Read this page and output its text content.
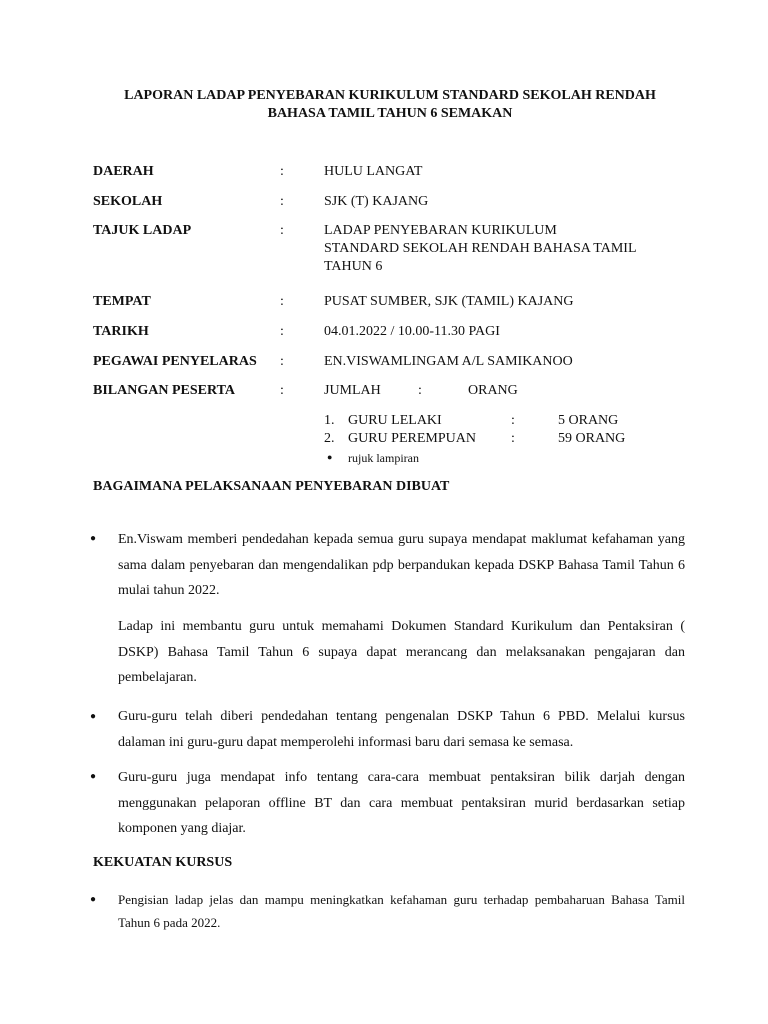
LAPORAN LADAP PENYEBARAN KURIKULUM STANDARD SEKOLAH RENDAH
BAHASA TAMIL TAHUN 6 SEMAKAN
DAERAH	:	HULU LANGAT
SEKOLAH	:	SJK (T) KAJANG
TAJUK LADAP	:	LADAP PENYEBARAN KURIKULUM
STANDARD SEKOLAH RENDAH BAHASA TAMIL
TAHUN 6
TEMPAT	:	PUSAT SUMBER, SJK (TAMIL) KAJANG
TARIKH	:	04.01.2022 / 10.00-11.30 PAGI
PEGAWAI PENYELARAS :	EN.VISWAMLINGAM A/L SAMIKANOO
BILANGAN PESERTA	:	JUMLAH	:	ORANG
1. GURU LELAKI	:	5 ORANG
2. GURU PEREMPUAN	:	59 ORANG
● rujuk lampiran
BAGAIMANA PELAKSANAAN PENYEBARAN DIBUAT
● En.Viswam memberi pendedahan kepada semua guru supaya mendapat maklumat kefahaman yang sama dalam penyebaran dan mengendalikan pdp berpandukan kepada DSKP Bahasa Tamil Tahun 6 mulai tahun 2022.
Ladap ini membantu guru untuk memahami Dokumen Standard Kurikulum dan Pentaksiran ( DSKP) Bahasa Tamil Tahun 6 supaya dapat merancang dan melaksanakan pengajaran dan pembelajaran.
● Guru-guru telah diberi pendedahan tentang pengenalan DSKP Tahun 6 PBD. Melalui kursus dalaman ini guru-guru dapat memperolehi informasi baru dari semasa ke semasa.
● Guru-guru juga mendapat info tentang cara-cara membuat pentaksiran bilik darjah dengan menggunakan pelaporan offline BT dan cara membuat pentaksiran murid berdasarkan setiap komponen yang diajar.
KEKUATAN KURSUS
● Pengisian ladap jelas dan mampu meningkatkan kefahaman guru terhadap pembaharuan Bahasa Tamil Tahun 6 pada 2022.
